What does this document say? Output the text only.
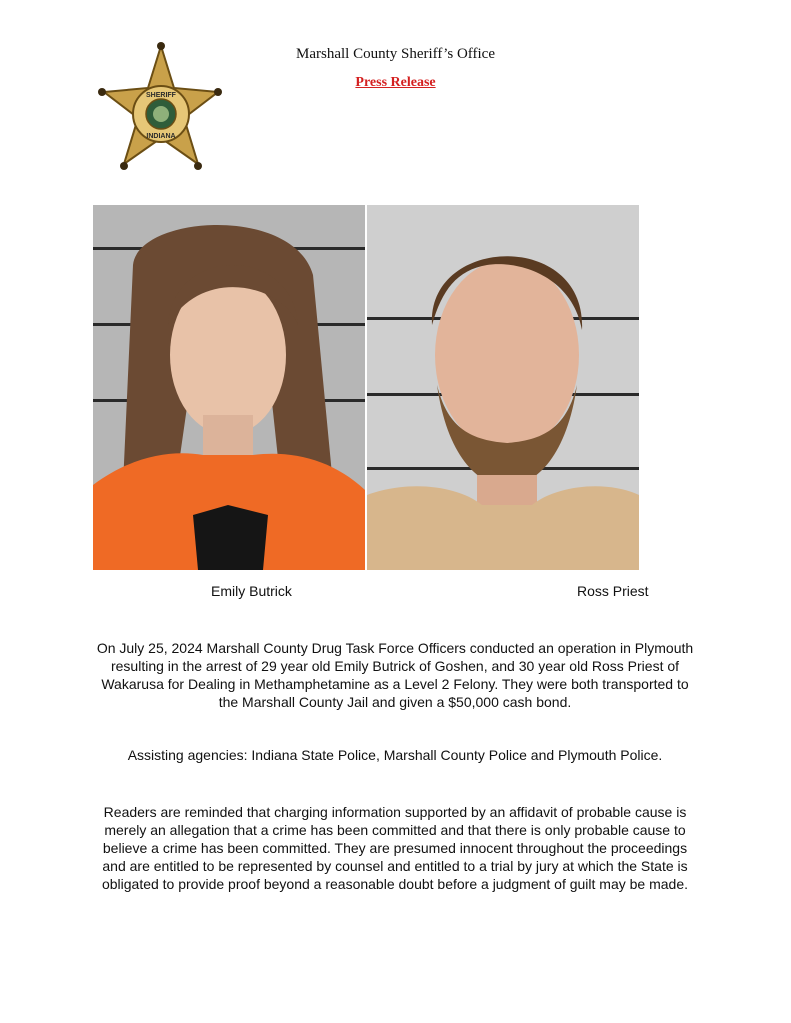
SHERIFF
INDIANA
Marshall County Sheriff’s Office
Press Release
Emily Butrick	Ross Priest

On July 25, 2024 Marshall County Drug Task Force Officers conducted an operation in Plymouth resulting in the arrest of 29 year old Emily Butrick of Goshen, and 30 year old Ross Priest of Wakarusa for Dealing in Methamphetamine as a Level 2 Felony. They were both transported to the Marshall County Jail and given a $50,000 cash bond.

Assisting agencies: Indiana State Police, Marshall County Police and Plymouth Police.

Readers are reminded that charging information supported by an affidavit of probable cause is merely an allegation that a crime has been committed and that there is only probable cause to believe a crime has been committed. They are presumed innocent throughout the proceedings and are entitled to be represented by counsel and entitled to a trial by jury at which the State is obligated to provide proof beyond a reasonable doubt before a judgment of guilt may be made.
